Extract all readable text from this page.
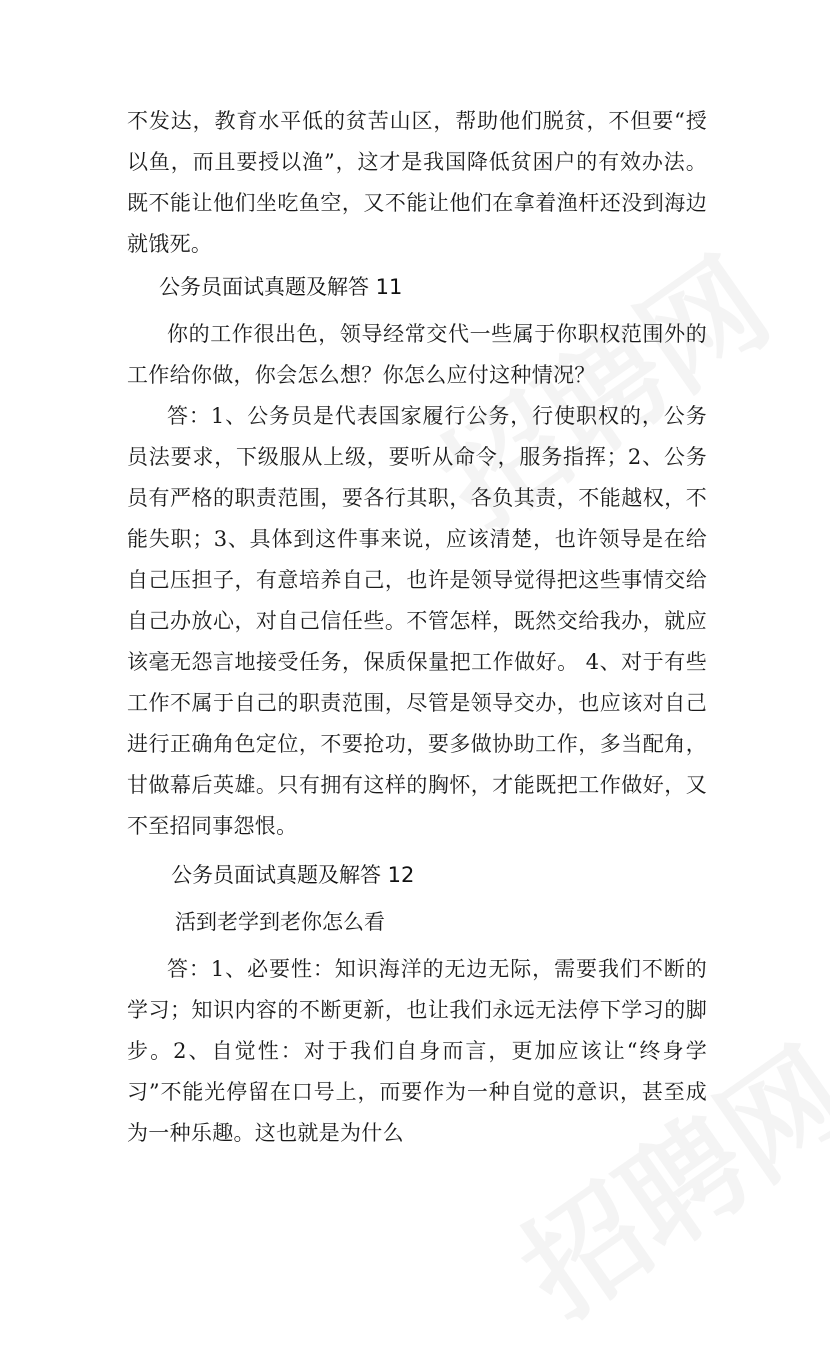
不发达，教育水平低的贫苦山区，帮助他们脱贫，不但要“授以鱼，而且要授以渔”，这才是我国降低贫困户的有效办法。既不能让他们坐吃鱼空，又不能让他们在拿着渔杆还没到海边就饿死。

公务员面试真题及解答 11

你的工作很出色，领导经常交代一些属于你职权范围外的工作给你做，你会怎么想？你怎么应付这种情况？

答：1、公务员是代表国家履行公务，行使职权的，公务员法要求，下级服从上级，要听从命令，服务指挥；2、公务员有严格的职责范围，要各行其职，各负其责，不能越权，不能失职；3、具体到这件事来说，应该清楚，也许领导是在给自己压担子，有意培养自己，也许是领导觉得把这些事情交给自己办放心，对自己信任些。不管怎样，既然交给我办，就应该毫无怨言地接受任务，保质保量把工作做好。 4、对于有些工作不属于自己的职责范围，尽管是领导交办，也应该对自己进行正确角色定位，不要抢功，要多做协助工作，多当配角，甘做幕后英雄。只有拥有这样的胸怀，才能既把工作做好，又不至招同事怨恨。

公务员面试真题及解答 12

活到老学到老你怎么看

答：1、必要性：知识海洋的无边无际，需要我们不断的学习；知识内容的不断更新，也让我们永远无法停下学习的脚步。2、自觉性：对于我们自身而言，更加应该让“终身学习”不能光停留在口号上，而要作为一种自觉的意识，甚至成为一种乐趣。这也就是为什么
